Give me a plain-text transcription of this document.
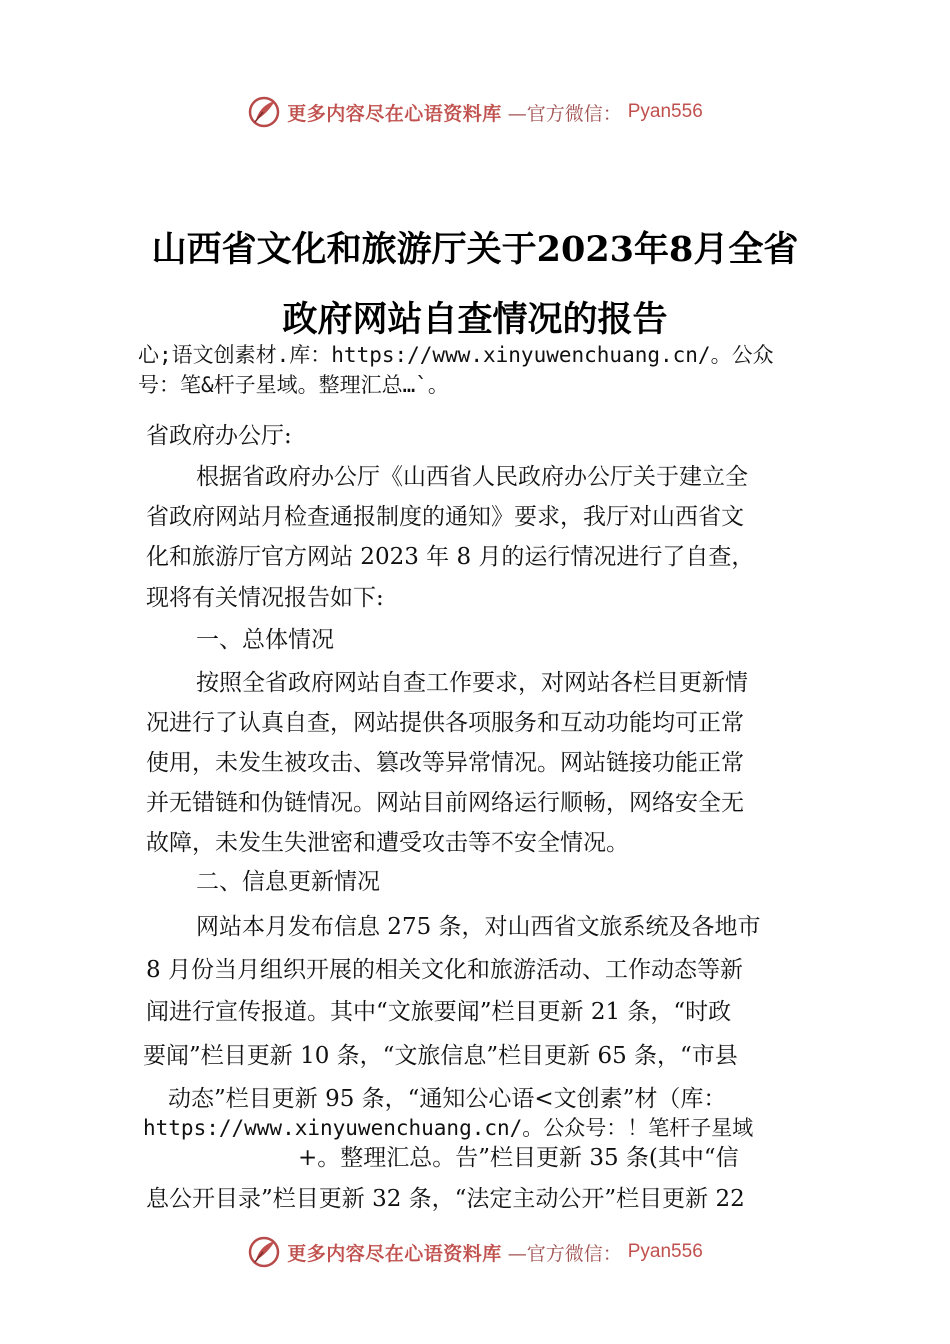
更多内容尽在心语资料库 —官方微信： Pyan556
山西省文化和旅游厅关于2023年8月全省
政府网站自查情况的报告
心;语文创素材.库：https://www.xinyuwenchuang.cn/。公众
号：笔&杆子星域。整理汇总…`。
省政府办公厅:
根据省政府办公厅《山西省人民政府办公厅关于建立全
省政府网站月检查通报制度的通知》要求，我厅对山西省文
化和旅游厅官方网站 2023 年 8 月的运行情况进行了自查，
现将有关情况报告如下:
一、总体情况
按照全省政府网站自查工作要求，对网站各栏目更新情
况进行了认真自查，网站提供各项服务和互动功能均可正常
使用，未发生被攻击、篡改等异常情况。网站链接功能正常
并无错链和伪链情况。网站目前网络运行顺畅，网络安全无
故障，未发生失泄密和遭受攻击等不安全情况。
二、信息更新情况
网站本月发布信息 275 条，对山西省文旅系统及各地市
8 月份当月组织开展的相关文化和旅游活动、工作动态等新
闻进行宣传报道。其中“文旅要闻”栏目更新 21 条，“时政
要闻”栏目更新 10 条，“文旅信息”栏目更新 65 条，“市县
动态”栏目更新 95 条，“通知公心语<文创素”材（库：
https://www.xinyuwenchuang.cn/。公众号：！笔杆子星域
+。整理汇总。告”栏目更新 35 条(其中“信
息公开目录”栏目更新 32 条，“法定主动公开”栏目更新 22
更多内容尽在心语资料库 —官方微信： Pyan556
